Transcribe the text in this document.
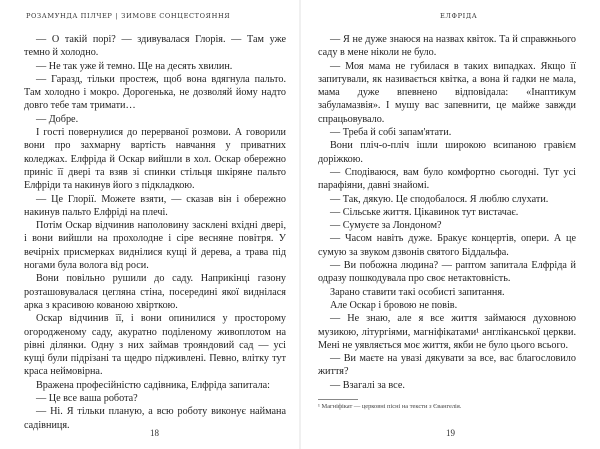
РОЗАМУНДА ПІЛЧЕР | ЗИМОВЕ СОНЦЕСТОЯННЯ

— О такій порі? — здивувалася Глорія. — Там уже темно й холодно.

— Не так уже й темно. Ще на десять хвилин.

— Гаразд, тільки простеж, щоб вона вдягнула пальто. Там холодно і мокро. Дорогенька, не дозволяй йому надто довго тебе там тримати…

— Добре.

І гості повернулися до перерваної розмови. А говорили вони про захмарну вартість навчання у приватних коледжах. Елфріда й Оскар вийшли в хол. Оскар обережно приніс її дверi та взяв зі спинки стільця шкіряне пальто Елфріди та накинув його з підкладкою.

— Це Глорії. Можете взяти, — сказав він і обережно накинув пальто Елфріді на плечі.

Потім Оскар відчинив наполовину засклені вхідні двері, і вони вийшли на прохолодне і сіре весняне повітря. У вечірніх присмерках виднілися кущі й дерева, а трава під ногами була волога від роси.

Вони повільно рушили до саду. Наприкінці газону розташовувалася цегляна стіна, посередині якої виднілася арка з красивою кованою хвірткою.

Оскар відчинив її, і вони опинилися у просторому огородженому саду, акуратно поділеному живоплотом на рівні ділянки. Одну з них займав трояндовий сад — усі кущі були підрізані та щедро підживлені. Певно, влітку тут краса неймовірна.

Вражена професійністю садівника, Елфріда запитала:

— Це все ваша робота?

— Ні. Я тільки планую, а всю роботу виконує наймана садівниця.

18
ЕЛФРІДА

— Я не дуже знаюся на назвах квіток. Та й справжнього саду в мене ніколи не було.

— Моя мама не губилася в таких випадках. Якщо її запитували, як називається квітка, а вона й гадки не мала, мама дуже впевнено відповідала: «Інаптикум забуламазвія». І мушу вас запевнити, це майже завжди спрацьовувало.

— Треба й собі запам'ятати.

Вони пліч-о-пліч ішли широкою всипаною гравієм доріжкою.

— Сподіваюся, вам було комфортно сьогодні. Тут усі парафіяни, давні знайомі.

— Так, дякую. Це сподобалося. Я люблю слухати.

— Сільське життя. Цікавинок тут вистачає.

— Сумуєте за Лондоном?

— Часом навіть дуже. Бракує концертів, опери. А це сумую за звуком дзвонів святого Біддальфа.

— Ви побожна людина? — раптом запитала Елфріда й одразу пошкодувала про своє нетактовність.

Зарано ставити такі особисті запитання.

Але Оскар і бровою не повів.

— Не знаю, але я все життя займаюся духовною музикою, літургіями, магніфікатами¹ англіканської церкви. Мені не уявляється моє життя, якби не було цього всього.

— Ви маєте на увазі дякувати за все, вас благословило життя?

— Взагалі за все.

¹ Магніфікат — церковні пісні на тексти з Євангелія.
19
